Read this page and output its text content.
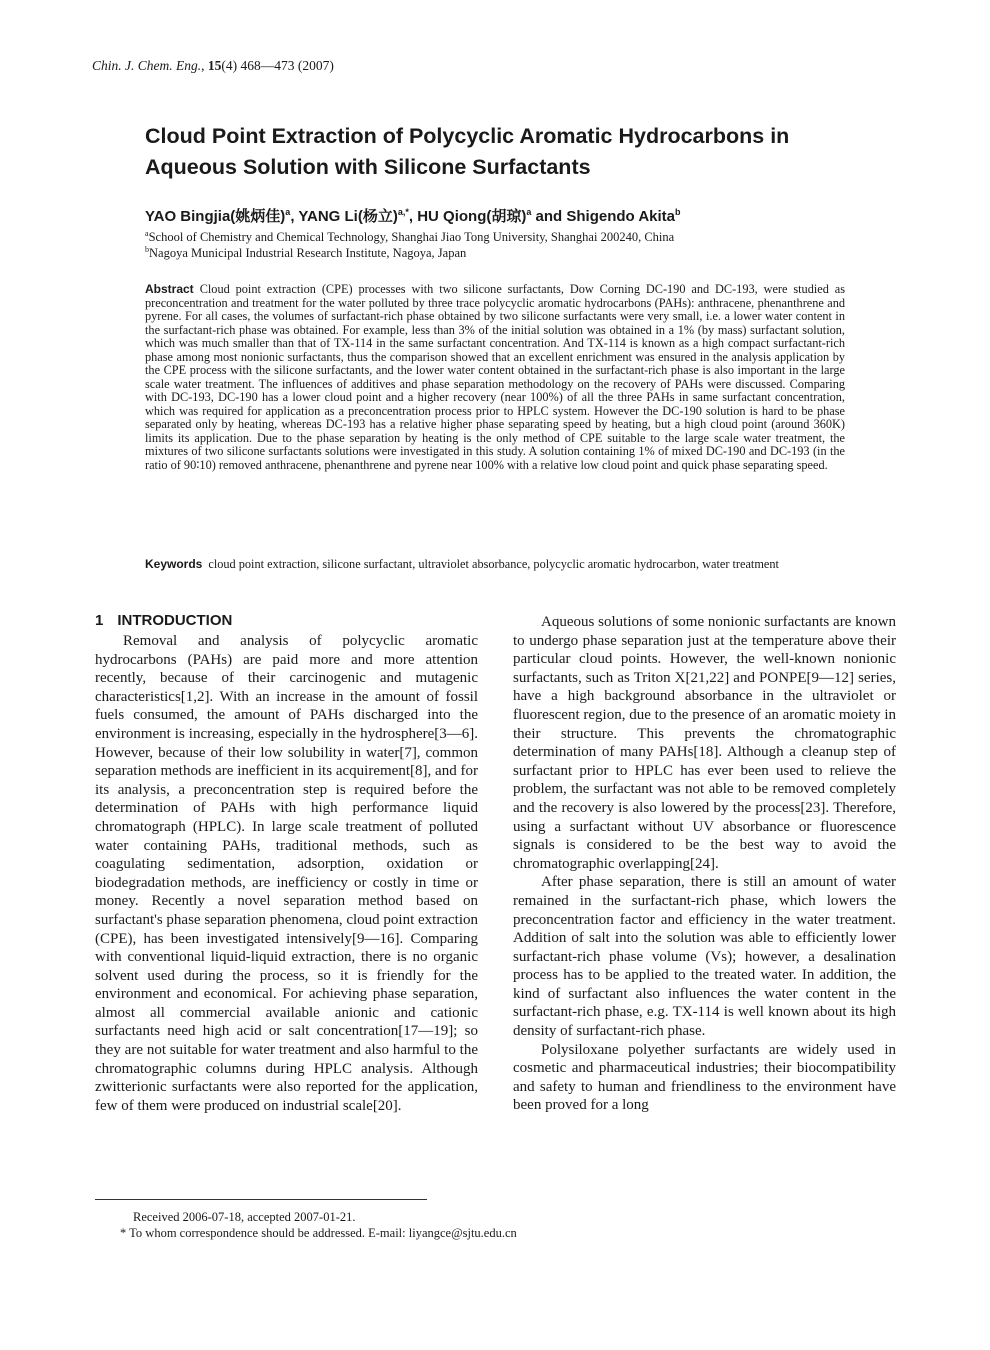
Chin. J. Chem. Eng., 15(4) 468—473 (2007)
Cloud Point Extraction of Polycyclic Aromatic Hydrocarbons in Aqueous Solution with Silicone Surfactants
YAO Bingjia(姚炳佳)$^a$, YANG Li(杨立)$^{a,*}$, HU Qiong(胡琼)$^a$ and Shigendo Akita$^b$
$^a$School of Chemistry and Chemical Technology, Shanghai Jiao Tong University, Shanghai 200240, China
$^b$Nagoya Municipal Industrial Research Institute, Nagoya, Japan

Abstract Cloud point extraction (CPE) processes with two silicone surfactants, Dow Corning DC-190 and DC-193, were studied as preconcentration and treatment for the water polluted by three trace polycyclic aromatic hydrocarbons (PAHs): anthracene, phenanthrene and pyrene. For all cases, the volumes of surfactant-rich phase obtained by two silicone surfactants were very small, i.e. a lower water content in the surfactant-rich phase was obtained. For example, less than 3% of the initial solution was obtained in a 1% (by mass) surfactant solution, which was much smaller than that of TX-114 in the same surfactant concentration. And TX-114 is known as a high compact surfactant-rich phase among most nonionic surfactants, thus the comparison showed that an excellent enrichment was ensured in the analysis application by the CPE process with the silicone surfactants, and the lower water content obtained in the surfactant-rich phase is also important in the large scale water treatment. The influences of additives and phase separation methodology on the recovery of PAHs were discussed. Comparing with DC-193, DC-190 has a lower cloud point and a higher recovery (near 100%) of all the three PAHs in same surfactant concentration, which was required for application as a preconcentration process prior to HPLC system. However the DC-190 solution is hard to be phase separated only by heating, whereas DC-193 has a relative higher phase separating speed by heating, but a high cloud point (around 360K) limits its application. Due to the phase separation by heating is the only method of CPE suitable to the large scale water treatment, the mixtures of two silicone surfactants solutions were investigated in this study. A solution containing 1% of mixed DC-190 and DC-193 (in the ratio of 90∶10) removed anthracene, phenanthrene and pyrene near 100% with a relative low cloud point and quick phase separating speed.

Keywords cloud point extraction, silicone surfactant, ultraviolet absorbance, polycyclic aromatic hydrocarbon, water treatment

1 INTRODUCTION

Removal and analysis of polycyclic aromatic hydrocarbons (PAHs) are paid more and more attention recently, because of their carcinogenic and mutagenic characteristics[1,2]. With an increase in the amount of fossil fuels consumed, the amount of PAHs discharged into the environment is increasing, especially in the hydrosphere[3—6]. However, because of their low solubility in water[7], common separation methods are inefficient in its acquirement[8], and for its analysis, a preconcentration step is required before the determination of PAHs with high performance liquid chromatograph (HPLC). In large scale treatment of polluted water containing PAHs, traditional methods, such as coagulating sedimentation, adsorption, oxidation or biodegradation methods, are inefficiency or costly in time or money. Recently a novel separation method based on surfactant's phase separation phenomena, cloud point extraction (CPE), has been investigated intensively[9—16]. Comparing with conventional liquid-liquid extraction, there is no organic solvent used during the process, so it is friendly for the environment and economical. For achieving phase separation, almost all commercial available anionic and cationic surfactants need high acid or salt concentration[17—19]; so they are not suitable for water treatment and also harmful to the chromatographic columns during HPLC analysis. Although zwitterionic surfactants were also reported for the application, few of them were produced on industrial scale[20].

Aqueous solutions of some nonionic surfactants are known to undergo phase separation just at the temperature above their particular cloud points. However, the well-known nonionic surfactants, such as Triton X[21,22] and PONPE[9—12] series, have a high background absorbance in the ultraviolet or fluorescent region, due to the presence of an aromatic moiety in their structure. This prevents the chromatographic determination of many PAHs[18]. Although a cleanup step of surfactant prior to HPLC has ever been used to relieve the problem, the surfactant was not able to be removed completely and the recovery is also lowered by the process[23]. Therefore, using a surfactant without UV absorbance or fluorescence signals is considered to be the best way to avoid the chromatographic overlapping[24].

After phase separation, there is still an amount of water remained in the surfactant-rich phase, which lowers the preconcentration factor and efficiency in the water treatment. Addition of salt into the solution was able to efficiently lower surfactant-rich phase volume (Vs); however, a desalination process has to be applied to the treated water. In addition, the kind of surfactant also influences the water content in the surfactant-rich phase, e.g. TX-114 is well known about its high density of surfactant-rich phase.

Polysiloxane polyether surfactants are widely used in cosmetic and pharmaceutical industries; their biocompatibility and safety to human and friendliness to the environment have been proved for a long

Received 2006-07-18, accepted 2007-01-21.
* To whom correspondence should be addressed. E-mail: liyangce@sjtu.edu.cn
